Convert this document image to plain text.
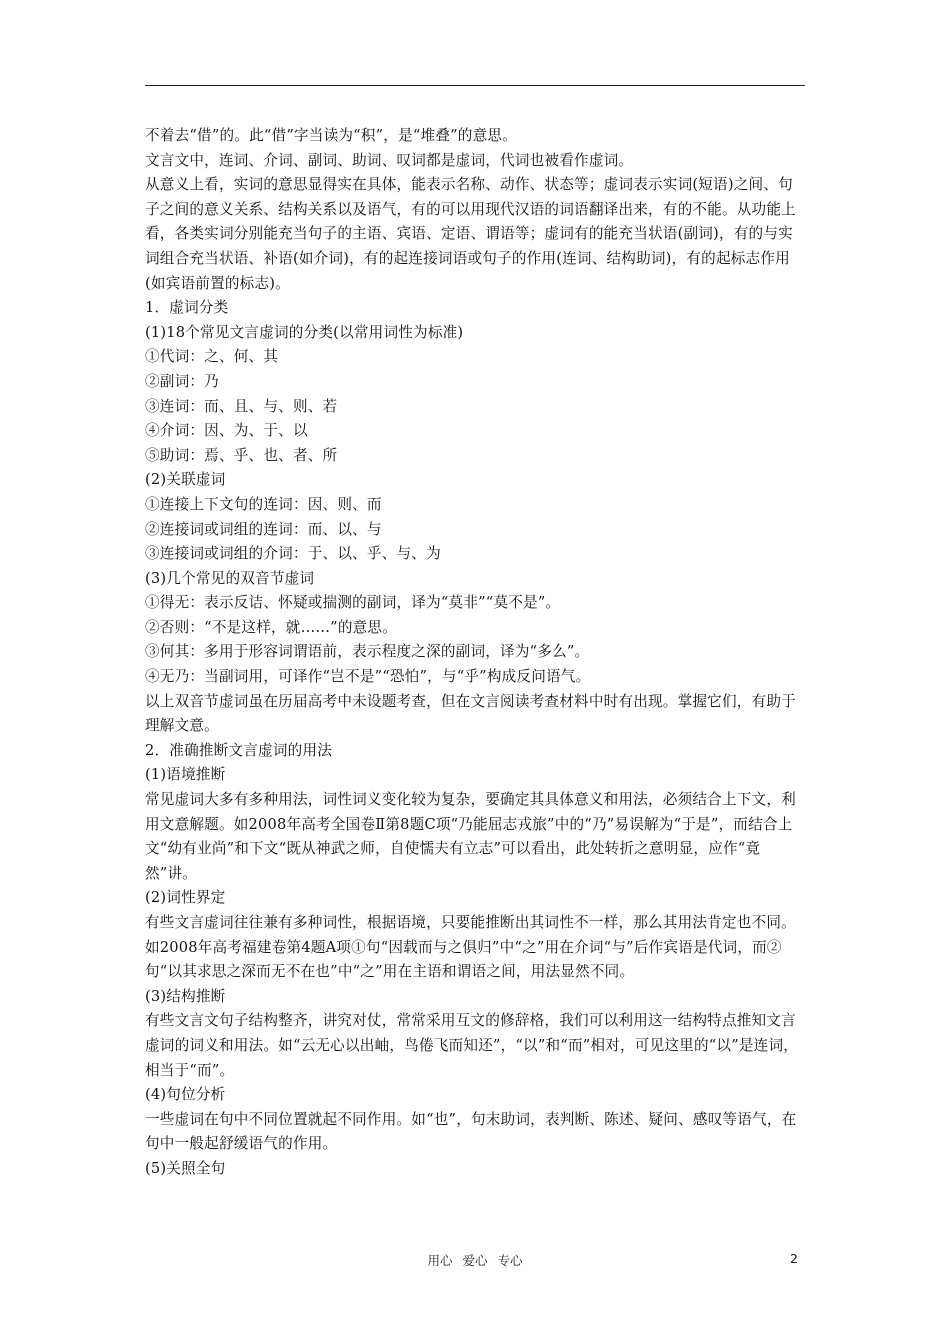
不着去“借”的。此“借”字当读为“积”，是“堆叠”的意思。

文言文中，连词、介词、副词、助词、叹词都是虚词，代词也被看作虚词。

从意义上看，实词的意思显得实在具体，能表示名称、动作、状态等；虚词表示实词(短语)之间、句子之间的意义关系、结构关系以及语气，有的可以用现代汉语的词语翻译出来，有的不能。从功能上看，各类实词分别能充当句子的主语、宾语、定语、谓语等；虚词有的能充当状语(副词)，有的与实词组合充当状语、补语(如介词)，有的起连接词语或句子的作用(连词、结构助词)，有的起标志作用(如宾语前置的标志)。

1．虚词分类

(1)18个常见文言虚词的分类(以常用词性为标准)

①代词：之、何、其

②副词：乃

③连词：而、且、与、则、若

④介词：因、为、于、以

⑤助词：焉、乎、也、者、所

(2)关联虚词

①连接上下文句的连词：因、则、而

②连接词或词组的连词：而、以、与

③连接词或词组的介词：于、以、乎、与、为

(3)几个常见的双音节虚词

①得无：表示反诘、怀疑或揣测的副词，译为“莫非”“莫不是”。

②否则：“不是这样，就……”的意思。

③何其：多用于形容词谓语前，表示程度之深的副词，译为“多么”。

④无乃：当副词用，可译作“岂不是”“恐怕”，与“乎”构成反问语气。

以上双音节虚词虽在历届高考中未设题考查，但在文言阅读考查材料中时有出现。掌握它们，有助于理解文意。

2．准确推断文言虚词的用法

(1)语境推断

常见虚词大多有多种用法，词性词义变化较为复杂，要确定其具体意义和用法，必须结合上下文，利用文意解题。如2008年高考全国卷Ⅱ第8题C项“乃能屈志戎旅”中的“乃”易误解为“于是”，而结合上文“幼有业尚”和下文“既从神武之师，自使懦夫有立志”可以看出，此处转折之意明显，应作“竟然”讲。

(2)词性界定

有些文言虚词往往兼有多种词性，根据语境，只要能推断出其词性不一样，那么其用法肯定也不同。如2008年高考福建卷第4题A项①句“因载而与之俱归”中“之”用在介词“与”后作宾语是代词，而②句“以其求思之深而无不在也”中“之”用在主语和谓语之间，用法显然不同。

(3)结构推断

有些文言文句子结构整齐，讲究对仗，常常采用互文的修辞格，我们可以利用这一结构特点推知文言虚词的词义和用法。如“云无心以出岫，鸟倦飞而知还”，“以”和“而”相对，可见这里的“以”是连词，相当于“而”。

(4)句位分析

一些虚词在句中不同位置就起不同作用。如“也”，句末助词，表判断、陈述、疑问、感叹等语气，在句中一般起舒缓语气的作用。

(5)关照全句

用心 爱心 专心	2
